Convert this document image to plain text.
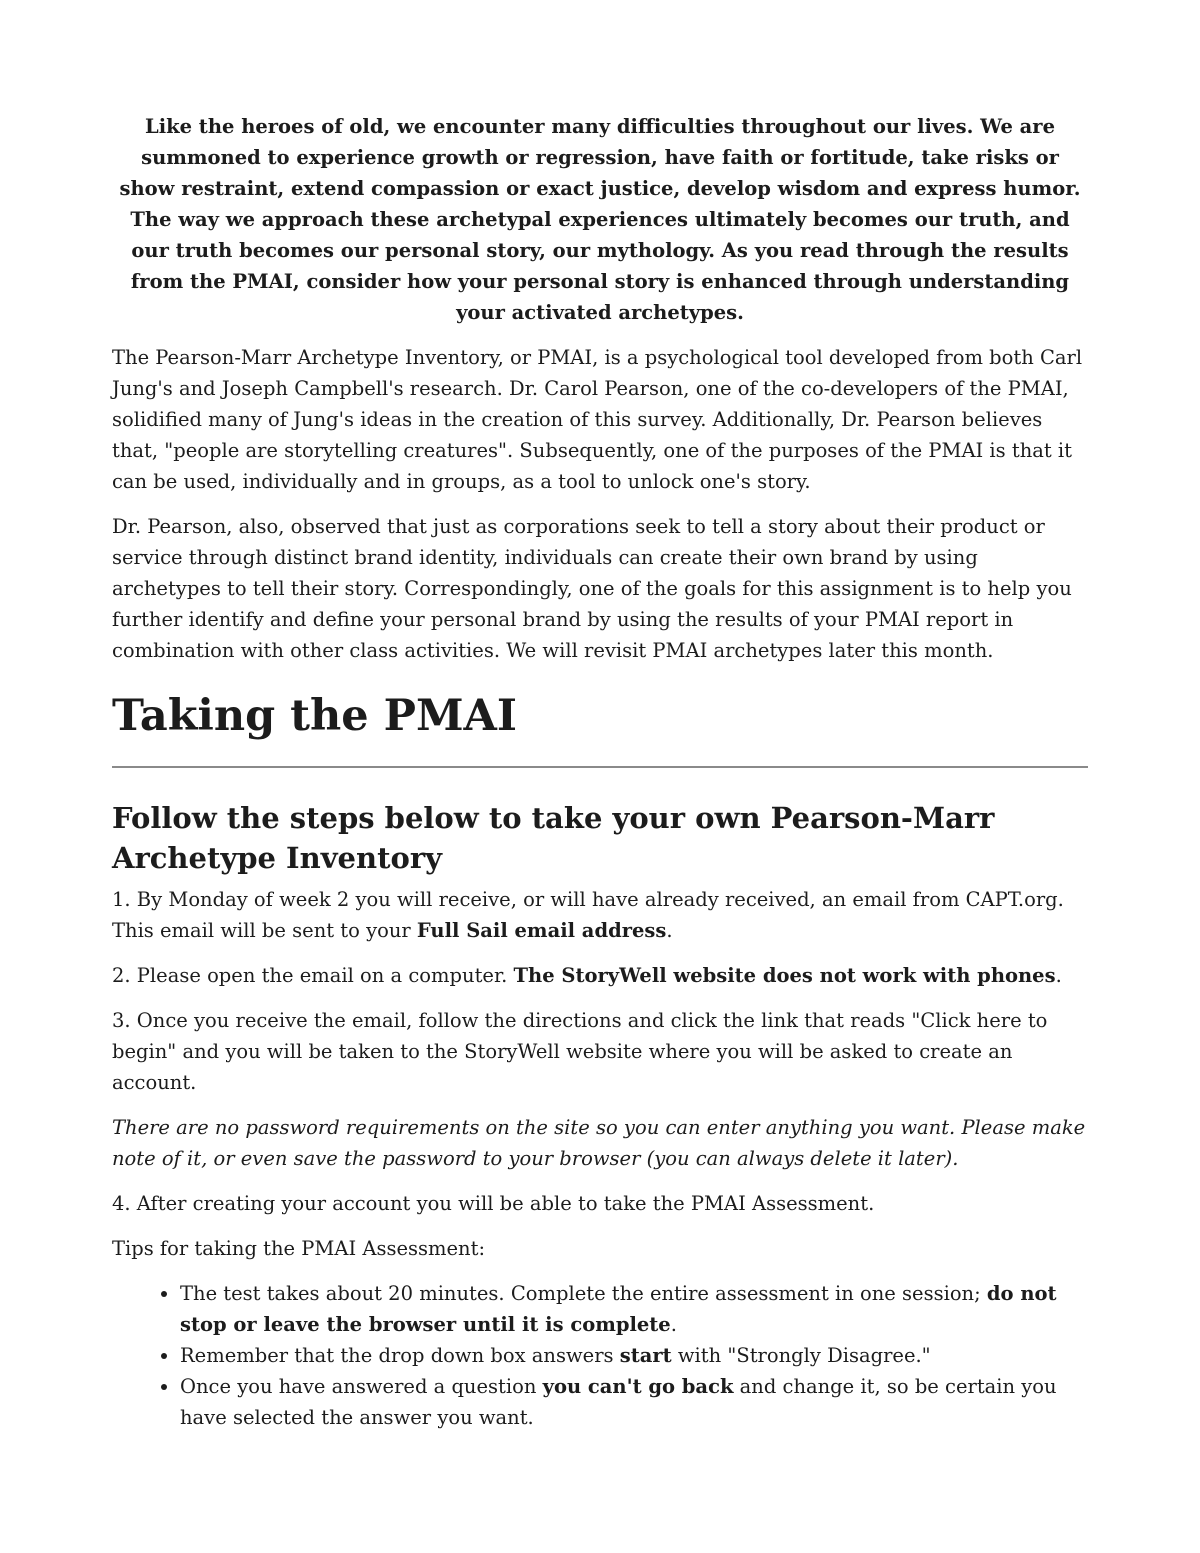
Like the heroes of old, we encounter many difficulties throughout our lives. We are summoned to experience growth or regression, have faith or fortitude, take risks or show restraint, extend compassion or exact justice, develop wisdom and express humor. The way we approach these archetypal experiences ultimately becomes our truth, and our truth becomes our personal story, our mythology. As you read through the results from the PMAI, consider how your personal story is enhanced through understanding your activated archetypes.

The Pearson-Marr Archetype Inventory, or PMAI, is a psychological tool developed from both Carl Jung's and Joseph Campbell's research. Dr. Carol Pearson, one of the co-developers of the PMAI, solidified many of Jung's ideas in the creation of this survey. Additionally, Dr. Pearson believes that, "people are storytelling creatures". Subsequently, one of the purposes of the PMAI is that it can be used, individually and in groups, as a tool to unlock one's story.

Dr. Pearson, also, observed that just as corporations seek to tell a story about their product or service through distinct brand identity, individuals can create their own brand by using archetypes to tell their story. Correspondingly, one of the goals for this assignment is to help you further identify and define your personal brand by using the results of your PMAI report in combination with other class activities. We will revisit PMAI archetypes later this month.

Taking the PMAI
Follow the steps below to take your own Pearson-Marr Archetype Inventory

1. By Monday of week 2 you will receive, or will have already received, an email from CAPT.org. This email will be sent to your Full Sail email address.

2. Please open the email on a computer. The StoryWell website does not work with phones.

3. Once you receive the email, follow the directions and click the link that reads "Click here to begin" and you will be taken to the StoryWell website where you will be asked to create an account.

There are no password requirements on the site so you can enter anything you want. Please make note of it, or even save the password to your browser (you can always delete it later).

4. After creating your account you will be able to take the PMAI Assessment.

Tips for taking the PMAI Assessment:

• The test takes about 20 minutes. Complete the entire assessment in one session; do not stop or leave the browser until it is complete.
• Remember that the drop down box answers start with "Strongly Disagree."
• Once you have answered a question you can't go back and change it, so be certain you have selected the answer you want.
